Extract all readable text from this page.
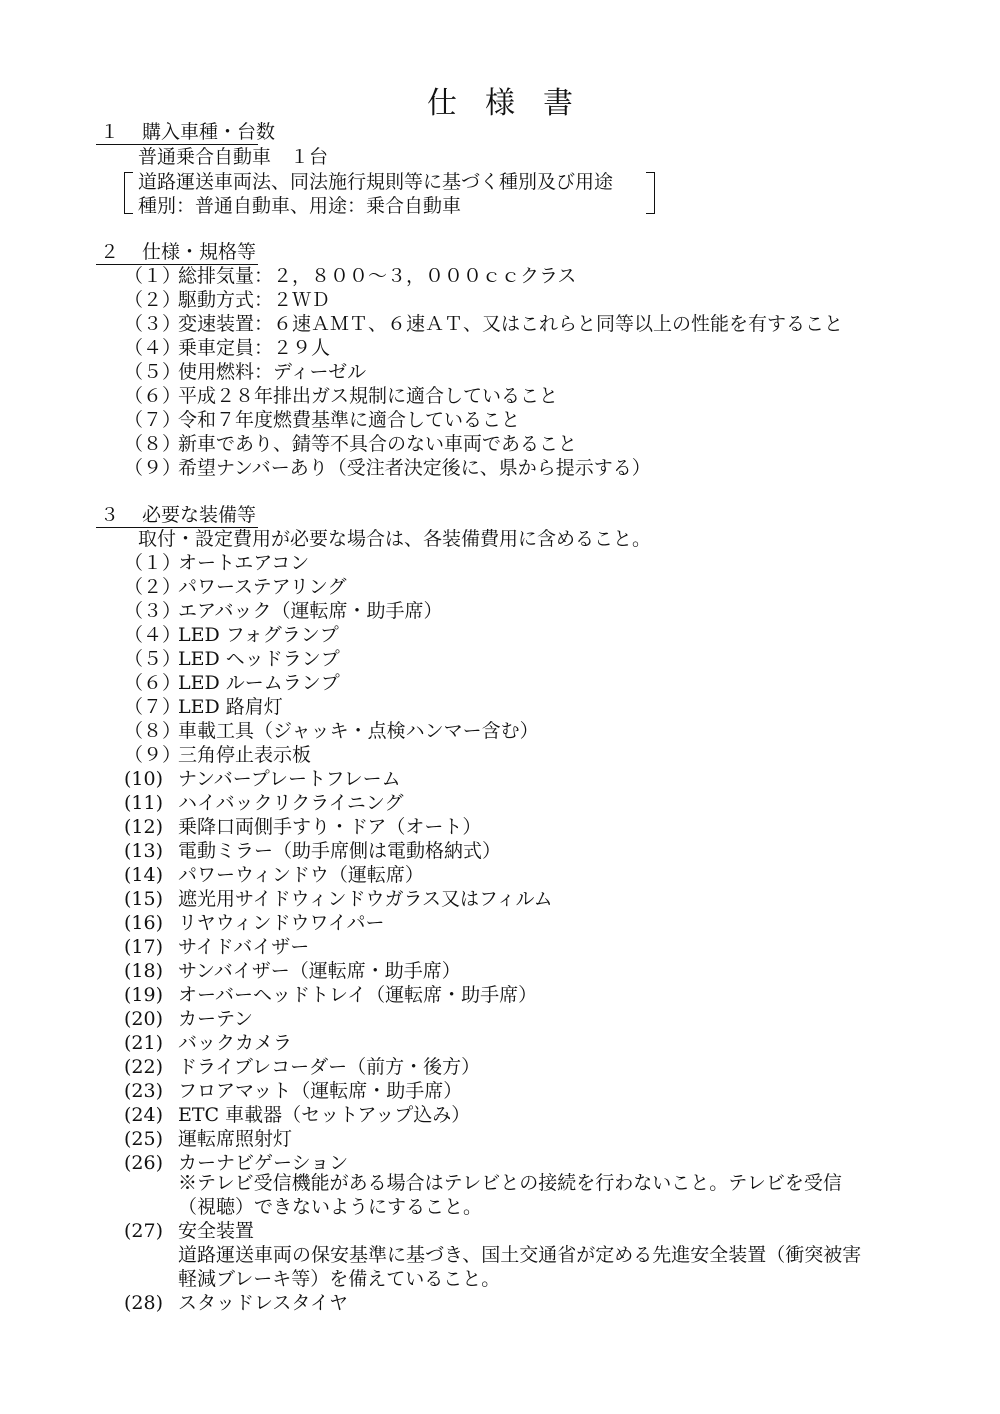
仕様書
１ 購入車種・台数
普通乗合自動車　１台
道路運送車両法、同法施行規則等に基づく種別及び用途
種別：普通自動車、用途：乗合自動車
２ 仕様・規格等
（１）総排気量：２，８００～３，０００ｃｃクラス
（２）駆動方式：２ＷＤ
（３）変速装置：６速ＡＭＴ、６速ＡＴ、又はこれらと同等以上の性能を有すること
（４）乗車定員：２９人
（５）使用燃料：ディーゼル
（６）平成２８年排出ガス規制に適合していること
（７）令和７年度燃費基準に適合していること
（８）新車であり、錆等不具合のない車両であること
（９）希望ナンバーあり（受注者決定後に、県から提示する）
３ 必要な装備等
取付・設定費用が必要な場合は、各装備費用に含めること。
（１）オートエアコン
（２）パワーステアリング
（３）エアバック（運転席・助手席）
（４）LED フォグランプ
（５）LED ヘッドランプ
（６）LED ルームランプ
（７）LED 路肩灯
（８）車載工具（ジャッキ・点検ハンマー含む）
（９）三角停止表示板
(10) ナンバープレートフレーム
(11) ハイバックリクライニング
(12) 乗降口両側手すり・ドア（オート）
(13) 電動ミラー（助手席側は電動格納式）
(14) パワーウィンドウ（運転席）
(15) 遮光用サイドウィンドウガラス又はフィルム
(16) リヤウィンドウワイパー
(17) サイドバイザー
(18) サンバイザー（運転席・助手席）
(19) オーバーヘッドトレイ（運転席・助手席）
(20) カーテン
(21) バックカメラ
(22) ドライブレコーダー（前方・後方）
(23) フロアマット（運転席・助手席）
(24) ETC 車載器（セットアップ込み）
(25) 運転席照射灯
(26) カーナビゲーション
(27) 安全装置
(28) スタッドレスタイヤ
※テレビ受信機能がある場合はテレビとの接続を行わないこと。テレビを受信
（視聴）できないようにすること。
道路運送車両の保安基準に基づき、国土交通省が定める先進安全装置（衝突被害
軽減ブレーキ等）を備えていること。
